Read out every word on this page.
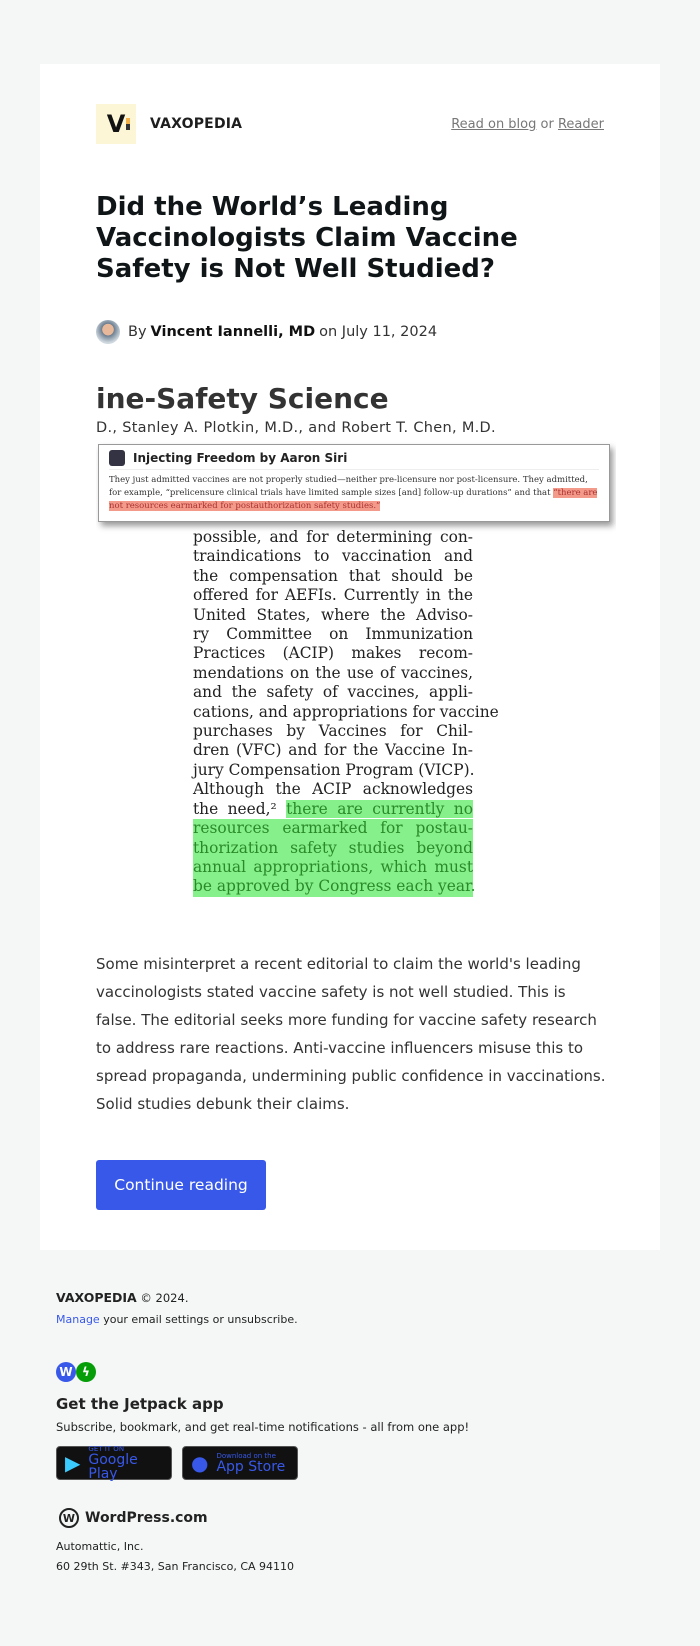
V VAXOPEDIA	Read on blog or Reader
Did the World’s Leading Vaccinologists Claim Vaccine Safety is Not Well Studied?
By Vincent Iannelli, MD on July 11, 2024
ine-Safety Science
D., Stanley A. Plotkin, M.D., and Robert T. Chen, M.D.
Injecting Freedom by Aaron Siri
They just admitted vaccines are not properly studied—neither pre-licensure nor post-licensure. They admitted, for example, “prelicensure clinical trials have limited sample sizes [and] follow-up durations” and that “there are not resources earmarked for postauthorization safety studies.”
possible, and for determining con-
traindications to vaccination and
the compensation that should be
offered for AEFIs. Currently in the
United States, where the Adviso-
ry Committee on Immunization
Practices (ACIP) makes recom-
mendations on the use of vaccines,
and the safety of vaccines, appli-
cations, and appropriations for vaccine
purchases by Vaccines for Chil-
dren (VFC) and for the Vaccine In-
jury Compensation Program (VICP).
Although the ACIP acknowledges
the need,² there are currently no
resources earmarked for postau-
thorization safety studies beyond
annual appropriations, which must
be approved by Congress each year.

Some misinterpret a recent editorial to claim the world's leading vaccinologists stated vaccine safety is not well studied. This is false. The editorial seeks more funding for vaccine safety research to address rare reactions. Anti-vaccine influencers misuse this to spread propaganda, undermining public confidence in vaccinations. Solid studies debunk their claims.

Continue reading
VAXOPEDIA © 2024.
Manage your email settings or unsubscribe.
W ϟ
Get the Jetpack app
Subscribe, bookmark, and get real-time notifications - all from one app!
▶
GET IT ON
Google Play	● Download on the
App Store
W WordPress.com
Automattic, Inc.
60 29th St. #343, San Francisco, CA 94110
